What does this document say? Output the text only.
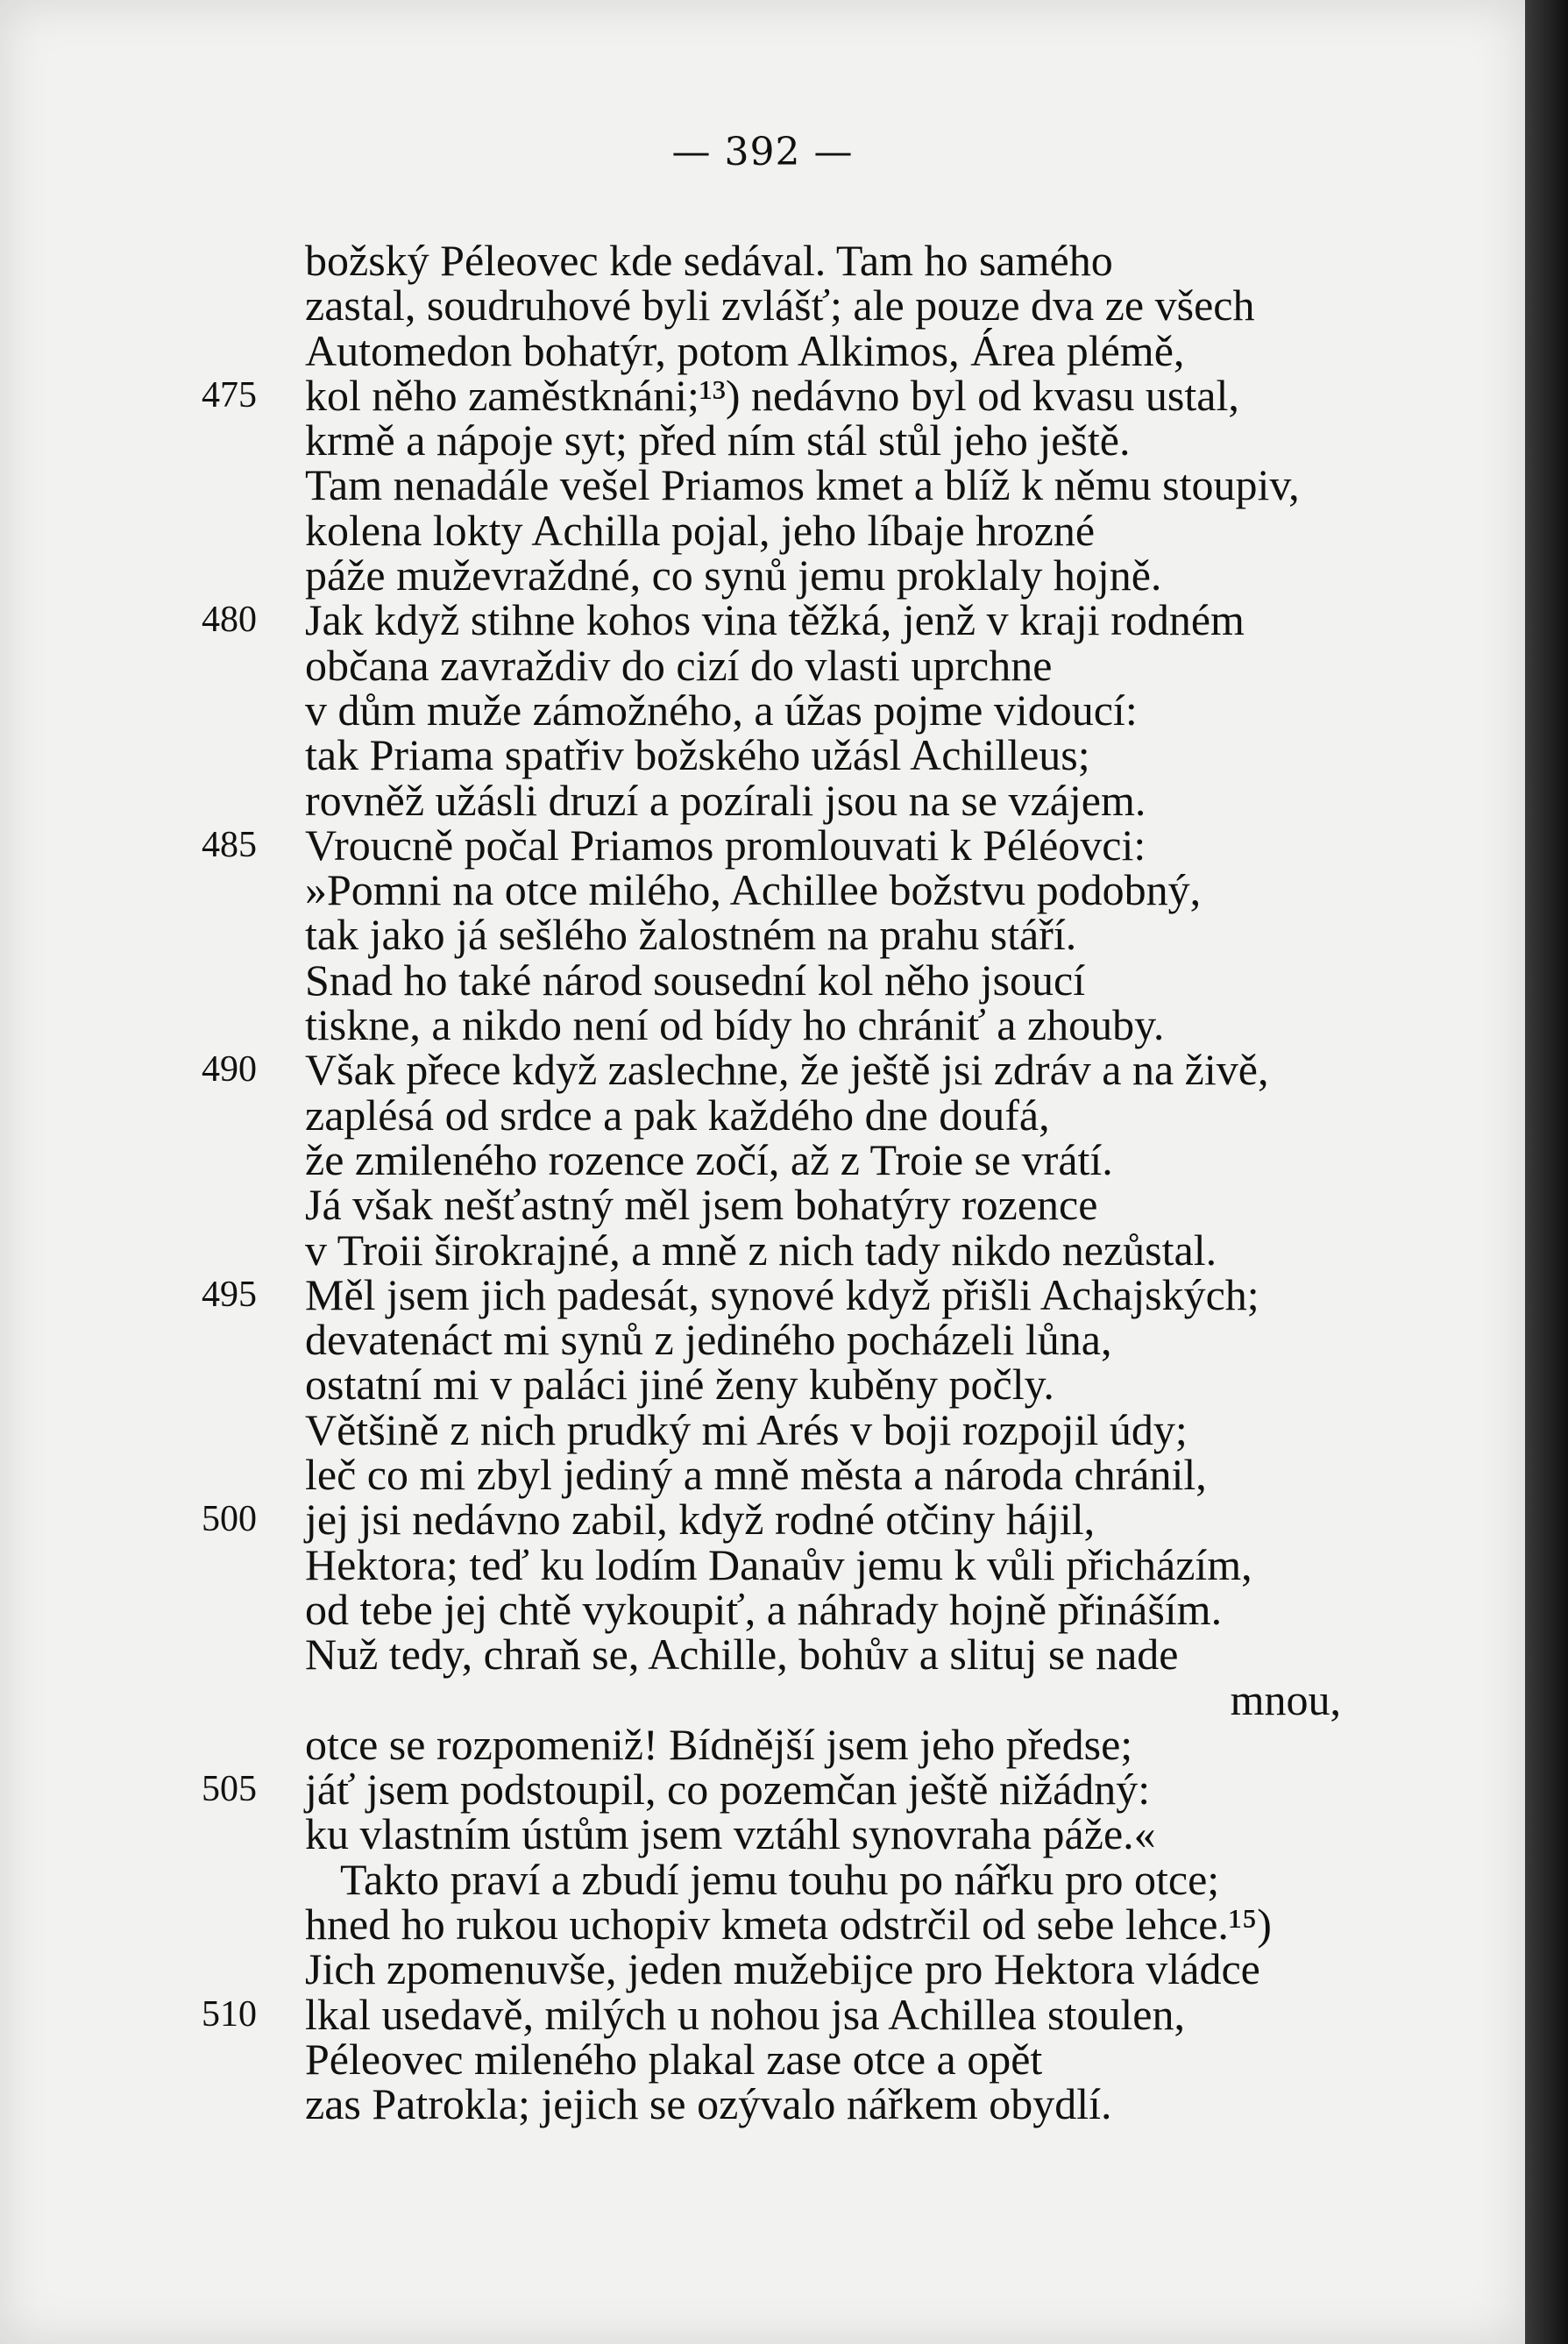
— 392 —
božský Péleovec kde sedával. Tam ho samého
zastal, soudruhové byli zvlášť; ale pouze dva ze všech
Automedon bohatýr, potom Alkimos, Área plémě,
475	kol něho zaměstknáni;¹³) nedávno byl od kvasu ustal,
krmě a nápoje syt; před ním stál stůl jeho ještě.
Tam nenadále vešel Priamos kmet a blíž k němu stoupiv,
kolena lokty Achilla pojal, jeho líbaje hrozné
páže muževraždné, co synů jemu proklaly hojně.
480	Jak když stihne kohos vina těžká, jenž v kraji rodném
občana zavraždiv do cizí do vlasti uprchne
v dům muže zámožného, a úžas pojme vidoucí:
tak Priama spatřiv božského užásl Achilleus;
rovněž užásli druzí a pozírali jsou na se vzájem.
485	Vroucně počal Priamos promlouvati k Péléovci:
»Pomni na otce milého, Achillee božstvu podobný,
tak jako já sešlého žalostném na prahu stáří.
Snad ho také národ sousední kol něho jsoucí
tiskne, a nikdo není od bídy ho chrániť a zhouby.
490	Však přece když zaslechne, že ještě jsi zdráv a na živě,
zaplésá od srdce a pak každého dne doufá,
že zmileného rozence zočí, až z Troie se vrátí.
Já však nešťastný měl jsem bohatýry rozence
v Troii širokrajné, a mně z nich tady nikdo nezůstal.
495	Měl jsem jich padesát, synové když přišli Achajských;
devatenáct mi synů z jediného pocházeli lůna,
ostatní mi v paláci jiné ženy kuběny počly.
Většině z nich prudký mi Arés v boji rozpojil údy;
leč co mi zbyl jediný a mně města a národa chránil,
500	jej jsi nedávno zabil, když rodné otčiny hájil,
Hektora; teď ku lodím Danaův jemu k vůli přicházím,
od tebe jej chtě vykoupiť, a náhrady hojně přináším.
Nuž tedy, chraň se, Achille, bohův a slituj se nade
mnou,
otce se rozpomeniž! Bídnější jsem jeho předse;
505	jáť jsem podstoupil, co pozemčan ještě nižádný:
ku vlastním ústům jsem vztáhl synovraha páže.«
Takto praví a zbudí jemu touhu po nářku pro otce;
hned ho rukou uchopiv kmeta odstrčil od sebe lehce.¹⁵)
Jich zpomenuvše, jeden mužebijce pro Hektora vládce
510	lkal usedavě, milých u nohou jsa Achillea stoulen,
Péleovec mileného plakal zase otce a opět
zas Patrokla; jejich se ozývalo nářkem obydlí.
